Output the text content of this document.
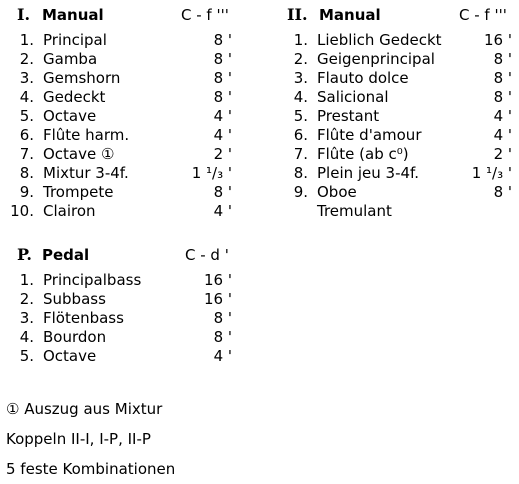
I. Manual	C - f '''
1. Principal	8 '
2. Gamba	8 '
3. Gemshorn	8 '
4. Gedeckt	8 '
5. Octave	4 '
6. Flûte harm.	4 '
7. Octave ①	2 '
8. Mixtur 3-4f.	1 ¹/₃ '
9. Trompete	8 '
10. Clairon	4 '
II. Manual	C - f '''
1. Lieblich Gedeckt	16 '
2. Geigenprincipal	8 '
3. Flauto dolce	8 '
4. Salicional	8 '
5. Prestant	4 '
6. Flûte d'amour	4 '
7. Flûte (ab c⁰)	2 '
8. Plein jeu 3-4f.	1 ¹/₃ '
9. Oboe	8 '
Tremulant
P. Pedal	C - d '
1. Principalbass	16 '
2. Subbass	16 '
3. Flötenbass	8 '
4. Bourdon	8 '
5. Octave	4 '
① Auszug aus Mixtur
Koppeln II-I, I-P, II-P
5 feste Kombinationen
